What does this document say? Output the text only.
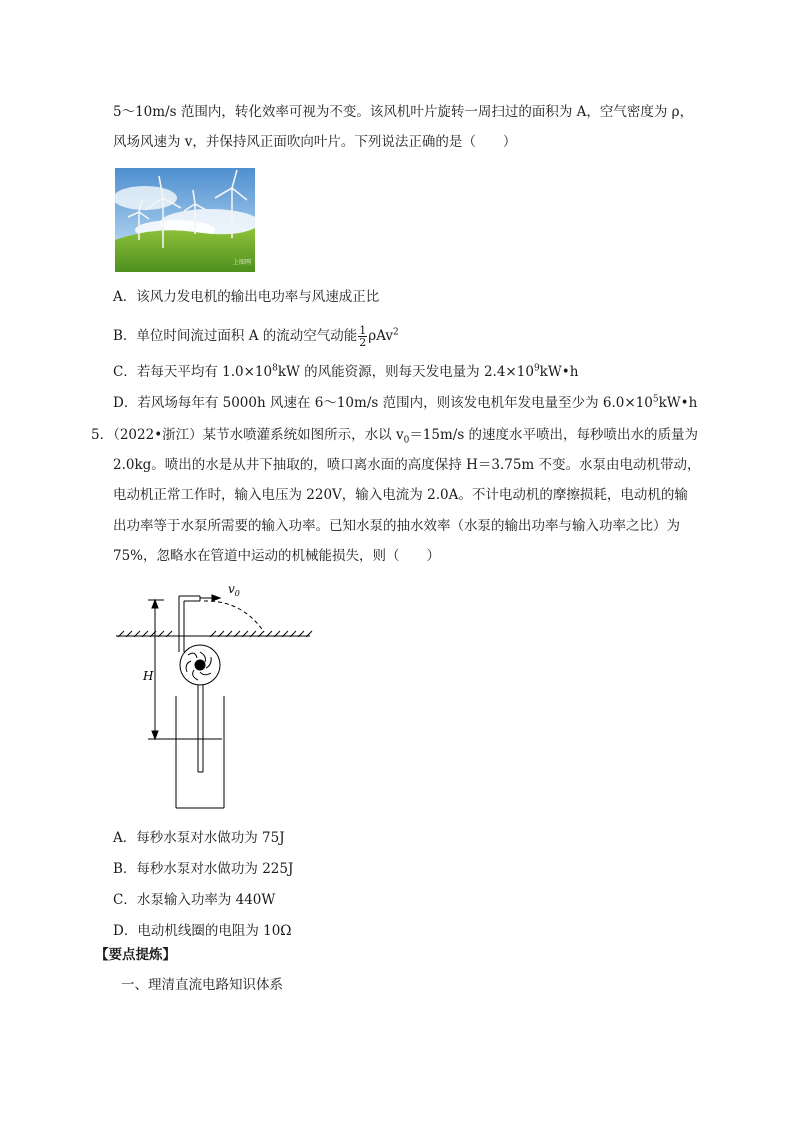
5～10m/s 范围内，转化效率可视为不变。该风机叶片旋转一周扫过的面积为 A，空气密度为 ρ，
风场风速为 v，并保持风正面吹向叶片。下列说法正确的是（　　）
上图网
A．该风力发电机的输出电功率与风速成正比
B．单位时间流过面积 A 的流动空气动能 $\frac{1}{2} \rho Av^2$
C．若每天平均有 $1.0\times 10^8kW$ 的风能资源，则每天发电量为 $2.4\times 10^9kW•h$
D．若风场每年有 5000h 风速在 6～10m/s 范围内，则该发电机年发电量至少为 $6.0\times 10^5kW•h$
5．（2022•浙江）某节水喷灌系统如图所示，水以 $v_0=15m/s$ 的速度水平喷出，每秒喷出水的质量为
2.0kg。喷出的水是从井下抽取的，喷口离水面的高度保持 H＝3.75m 不变。水泵由电动机带动，
电动机正常工作时，输入电压为 220V，输入电流为 2.0A。不计电动机的摩擦损耗，电动机的输
出功率等于水泵所需要的输入功率。已知水泵的抽水效率（水泵的输出功率与输入功率之比）为
75%，忽略水在管道中运动的机械能损失，则（　　）
$v_0$
H
A．每秒水泵对水做功为 75J
B．每秒水泵对水做功为 225J
C．水泵输入功率为 440W
D．电动机线圈的电阻为 10Ω
【要点提炼】
一、理清直流电路知识体系
